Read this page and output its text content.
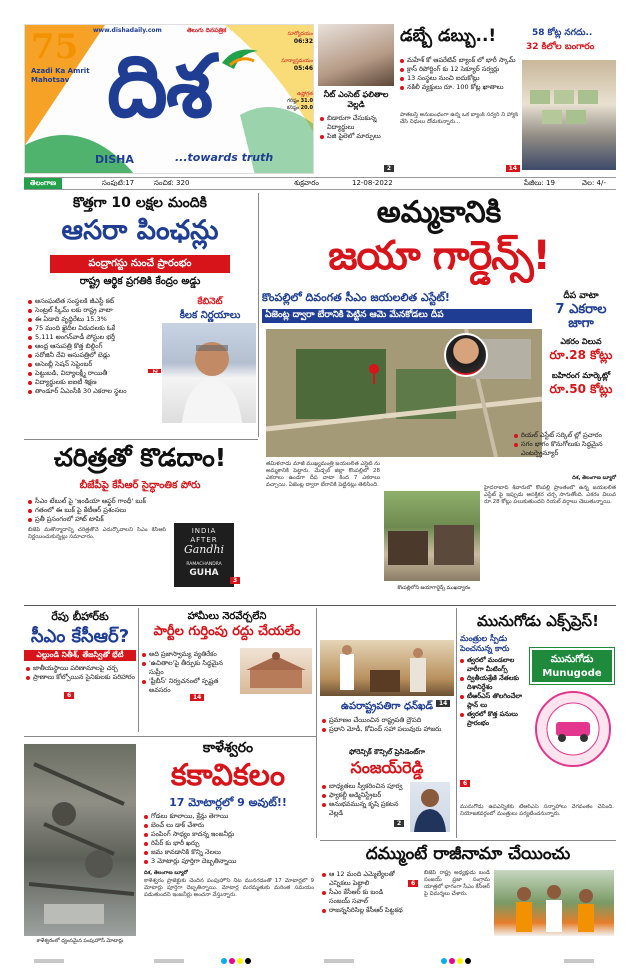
75
Azadi Ka Amrit Mahotsav
www.dishadaily.com
దిశ
తెలుగు దినపత్రిక
DISHA	...towards truth
సూర్యోదయం
06:32
సూర్యాస్తమయం
05:46
ఉష్ణోగ్రత
గరిష్ఠం 31.0
కనిష్ఠం 20.0
నీట్ ఎంసెట్ ఫలితాల వెల్లడి
బిడారుగా చేసుకున్న విద్యార్థులు
పిజి పైలెలో మార్పులు
2
డబ్బే డబ్బు..!
మహేశ్ కో ఆపరేటివ్ బ్యాంక్ లో భారీ స్కామ్
క్రాస్ రిపోర్టింగ్ కు 12 సెక్యూర్ సర్వర్లు
13 సంస్థలు నుంచి ఐదుకోట్లు
నకిలీ వ్యక్తులు రూ. 100 కోట్ల ఖాతాలు
పాతబస్తీ అనుబంధంగా ఉన్న ఒక బ్యాంక్ సర్వర్ ని హ్యాక్ చేసి నిధులు దోచుకున్నారు...
14
58 కోట్ల నగదు..
32 కిలోల బంగారం
తెలంగాణ	సంపుటి:17	సంచిక: 320	శుక్రవారం	12-08-2022	పేజీలు: 19	వెల: 4/-
కొత్తగా 10 లక్షల మందికి
ఆసరా పింఛన్లు
పంద్రాగస్టు నుంచే ప్రారంభం
రాష్ట్ర ఆర్థిక ప్రగతికి కేంద్రం అడ్డు
కేబినెట్
కీలక నిర్ణయాలు
అసంఘటిత సంస్థలకి జీఎస్టీ కట్
సెంట్రల్ స్కీమ్ లకు రాష్ట్ర వాటా
ఈ ఏడాది వృద్ధిరేటు 15.3%
75 మంది ఖైదీల విడుదలకు ఓకే
5,111 అంగన్‌వాడీ పోస్టుల భర్తీ
ఆంధ్ర ఆసుపత్రి కొత్త బిల్డింగ్
సరోజినీ దేవి ఆసుపత్రిలో బెడ్లు
అసెంబ్లీ సెషన్ సెప్టెంబర్
పెట్టుబడి, విద్యాలక్ష్మీ రాయితీ
విద్యార్థులకు ఐఐటీ శిక్షణ
తాండూర్ ఏఎంసీకి 30 ఎకరాల స్థలం
2
అమ్మకానికి
జయా గార్డెన్స్!
కొంపల్లిలో దివంగత సీఎం జయలలిత ఎస్టేట్!
ఏజెంట్ల ద్వారా బేరానికి పెట్టిన ఆమె మేనకోడలు దీప
దీప వాటా
7 ఎకరాల జాగా
ఎకరం విలువ
రూ.28 కోట్లు
బహిరంగ మార్కెట్లో
రూ.50 కోట్లు
రియల్ ఎస్టేట్ సర్కిల్ ల్లో ప్రచారం
సగం భాగం కొనుగోలుకు సిద్ధమైన ఎంటర్ప్రెన్యూర్
తమిళనాడు మాజీ ముఖ్యమంత్రి జయలలిత ఎస్టేట్ ను అమ్మకానికి పెట్టారు. మేడ్చల్ జిల్లా కొంపల్లిలో 28 ఎకరాలు ఉండగా దీప వాటా కింద 7 ఎకరాలు వచ్చాయి. ఏజెంట్ల ద్వారా బేరానికి పెట్టినట్లు తెలిసింది.
కొంపల్లిలోని జయాగార్డెన్స్ ముఖద్వారం
దిశ, తెలంగాణ బ్యూరో
హైదరాబాద్ శివారులో కొంపల్లి ప్రాంతంలో ఉన్న జయలలిత ఎస్టేట్ పై ఇప్పుడు ఆసక్తికర చర్చ సాగుతోంది. ఎకరం విలువ రూ.28 కోట్లు పలుకుతుందని రియల్ వర్గాలు చెబుతున్నాయి.
చరిత్రతో కొడదాం!
బీజేపీపై కేసీఆర్ సైద్ధాంతిక పోరు
సీఎం టేబుల్ పై 'ఇండియా ఆఫ్టర్ గాంధీ' బుక్
గతంలో ఈ బుక్ పై కేటీఆర్ ప్రశంసలు
ప్రతీ ప్రసంగంలో హాట్ టాపిక్
బీజేపీ మతోన్మాదాన్ని చరిత్రతోనే ఎదుర్కోవాలని సీఎం కేసీఆర్ నిర్ణయించుకున్నట్లు సమాచారం.
INDIA
AFTER
Gandhi
RAMACHANDRA
GUHA
3
రేపు బీహార్‌కు
సీఎం కేసీఆర్?
ఎల్లుండి నితీశ్, తేజస్వితో భేటీ
జాతీయస్థాయి పరిణామాలపై చర్చ
ప్రాణాలు కోల్పోయిన సైనికులకు పరిహారం
6
హామీలు నెరవేర్చలేని
పార్టీల గుర్తింపు రద్దు చేయలేం
అది ప్రజాస్వామ్య వ్యతిరేకం
'ఉచితాల'పై తీర్పుకు సిద్ధమైన సుప్రీం
'ఫ్రీబీస్' నిర్వచనంలో స్పష్టత అవసరం
14
ఉపరాష్ట్రపతిగా ధన్‌ఖడ్
ప్రమాణం చేయించిన రాష్ట్రపతి ద్రౌపది
ప్రధాని మోడీ, కోవింద్ సహా పలువురు హాజరు
14
ఫోరెన్సిక్ కౌన్సిల్ ప్రెసిడెంట్‌గా
సంజయ్‌రెడ్డి
బాధ్యతలు స్వీకరించిన పూర్వ
ఫ్యాకల్టీ అడ్మినిస్ట్రేటర్
అనుభవమున్న కృషి ప్రకటన వెల్లడి
2
మునుగోడు ఎక్స్‌ప్రెస్!
మంత్రుల స్పీడు పెంచనున్న కారు
మునుగోడు
Munugode
త్వరలో మండలాల వారీగా మీటింగ్స్
ద్వితీయశ్రేణి నేతలకు దిశానిర్దేశం
టీఆర్ఎస్ తొలగించేలా ప్లాన్ లు
త్వరలో కొత్త పనులు ప్రారంభం
మునుగోడు ఉపఎన్నికకు టీఆర్ఎస్ సన్నాహాలు వేగవంతం చేసింది. నియోజకవర్గంలో మంత్రులు పర్యటించనున్నారు.
6
కాళేశ్వరంలో ధ్వంసమైన పంపుహౌస్ మోటార్లు
కాళేశ్వరం
కకావికలం
17 మోటార్లలో 9 అవుట్!!
గోడలు కూలాయి, క్రేన్లు తెగాయి
బెంచ్ లు డాక్ చేశారు
పంపింగ్ సాధ్యం కాదన్న ఇంజనీర్లు
రిపేర్ కు భారీ ఖర్చు
జమ కావడానికి కొన్ని నెలలు
3 మోటార్లు పూర్తిగా దెబ్బతిన్నాయి
దిశ, తెలంగాణ బ్యూరో
కాళేశ్వరం ప్రాజెక్టుకు చెందిన పంపుహౌస్ నీట మునగడంతో 17 మోటార్లలో 9 మోటార్లు పూర్తిగా దెబ్బతిన్నాయి. మోటార్ల మరమ్మతుకు మరింత సమయం పడుతుందని ఇంజనీర్లు అంచనా వేస్తున్నారు.
దమ్ముంటే రాజీనామా చేయించు
ఆ 12 మంది ఎమ్మెల్యేలతో ఎన్నికలు పెట్టాలి
సీఎం కేసీఆర్ కు బండి సంజయ్ సవాల్
రాజన్నసిరిసిల్ల కేసీఆర్ పిట్టకథ
6
బీజేపీ రాష్ట్ర అధ్యక్షుడు బండి సంజయ్ ప్రజా సంగ్రామ యాత్రలో భాగంగా సీఎం కేసీఆర్ పై విమర్శలు చేశారు.
